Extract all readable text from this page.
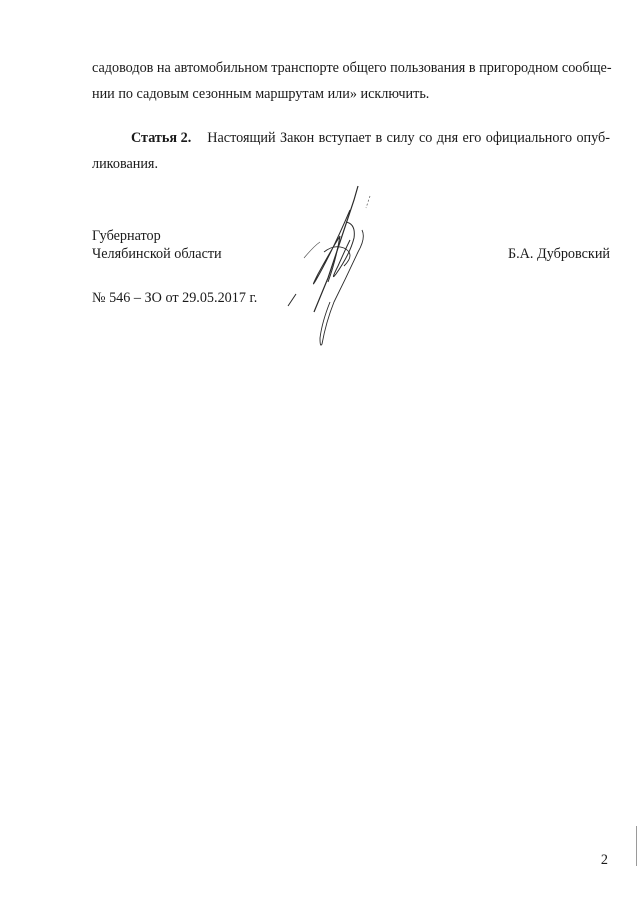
садоводов на автомобильном транспорте общего пользования в пригородном сообще-
нии по садовым сезонным маршрутам или» исключить.
Статья 2. Настоящий Закон вступает в силу со дня его официального опуб-
ликования.
Губернатор
Челябинской области	Б.А. Дубровский
№ 546 – ЗО от 29.05.2017 г.
2
